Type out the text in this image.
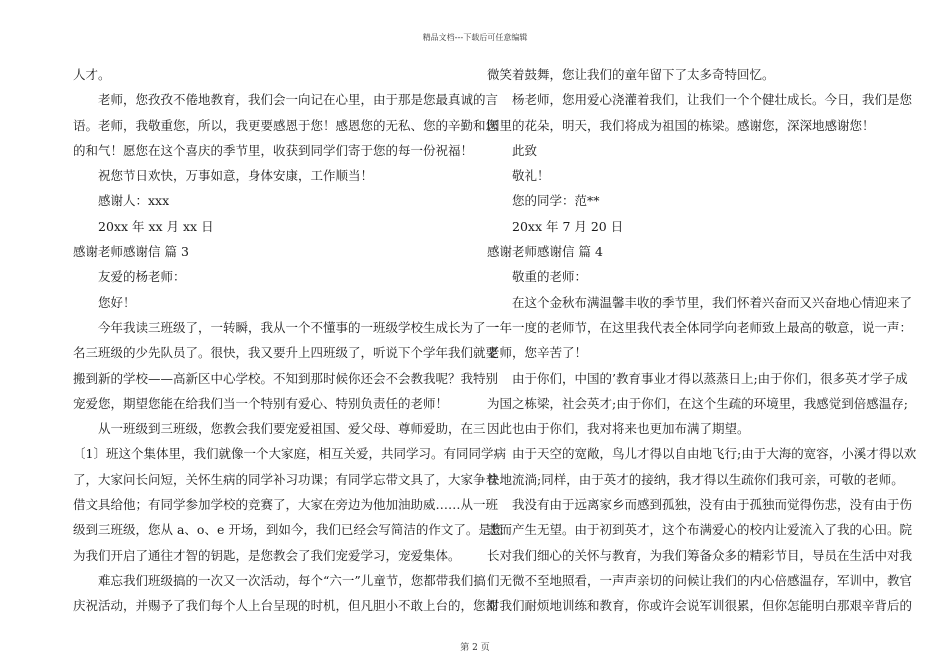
精品文档---下载后可任意编辑

人才。

老师，您孜孜不倦地教育，我们会一向记在心里，由于那是您最真诚的言

语。老师，我敬重您，所以，我更要感恩于您！感恩您的无私、您的辛勤和您

的和气！愿您在这个喜庆的季节里，收获到同学们寄于您的每一份祝福！

祝您节日欢快，万事如意，身体安康，工作顺当！

感谢人：xxx

20xx 年 xx 月 xx 日

感谢老师感谢信 篇 3

友爱的杨老师：

您好！

今年我读三班级了，一转瞬，我从一个不懂事的一班级学校生成长为了一

名三班级的少先队员了。很快，我又要升上四班级了，听说下个学年我们就要

搬到新的学校——高新区中心学校。不知到那时候你还会不会教我呢？我特别

宠爱您，期望您能在给我们当一个特别有爱心、特别负责任的老师！

从一班级到三班级，您教会我们要宠爱祖国、爱父母、尊师爱助，在三

〔1〕班这个集体里，我们就像一个大家庭，相互关爱，共同学习。有同同学病

了，大家问长问短，关怀生病的同学补习功课；有同学忘带文具了，大家争着

借文具给他；有同学参加学校的竞赛了，大家在旁边为他加油助威……从一班

级到三班级，您从 a、o、e 开场，到如今，我们已经会写简洁的作文了。是您

为我们开启了通往才智的钥匙，是您教会了我们宠爱学习，宠爱集体。

难忘我们班级搞的一次又一次活动，每个“六一”儿童节，您都带我们搞

庆祝活动，并赐予了我们每个人上台呈现的时机，但凡胆小不敢上台的，您都

微笑着鼓舞，您让我们的童年留下了太多奇特回忆。

杨老师，您用爱心浇灌着我们，让我们一个个健壮成长。今日，我们是您

园里的花朵，明天，我们将成为祖国的栋梁。感谢您，深深地感谢您！

此致

敬礼！

您的同学：范**

20xx 年 7 月 20 日

感谢老师感谢信 篇 4

敬重的老师：

在这个金秋布满温馨丰收的季节里，我们怀着兴奋而又兴奋地心情迎来了

一年一度的老师节，在这里我代表全体同学向老师致上最高的敬意，说一声：

老师，您辛苦了！

由于你们，中国的’教育事业才得以蒸蒸日上;由于你们，很多英才学子成

为国之栋梁，社会英才;由于你们，在这个生疏的环境里，我感觉到倍感温存;

因此也由于你们，我对将来也更加布满了期望。

由于天空的宽敞，鸟儿才得以自由地飞行;由于大海的宽容，小溪才得以欢

快地流淌;同样，由于英才的接纳，我才得以生疏你们我可亲，可敬的老师。

我没有由于远离家乡而感到孤独，没有由于孤独而觉得伤悲，没有由于伤

悲而产生无望。由于初到英才，这个布满爱心的校内让爱流入了我的心田。院

长对我们细心的关怀与教育，为我们筹备众多的精彩节目，导员在生活中对我

们无微不至地照看，一声声亲切的问候让我们的内心倍感温存，军训中，教官

对我们耐烦地训练和教育，你或许会说军训很累，但你怎能明白那艰辛背后的

第 2 页
